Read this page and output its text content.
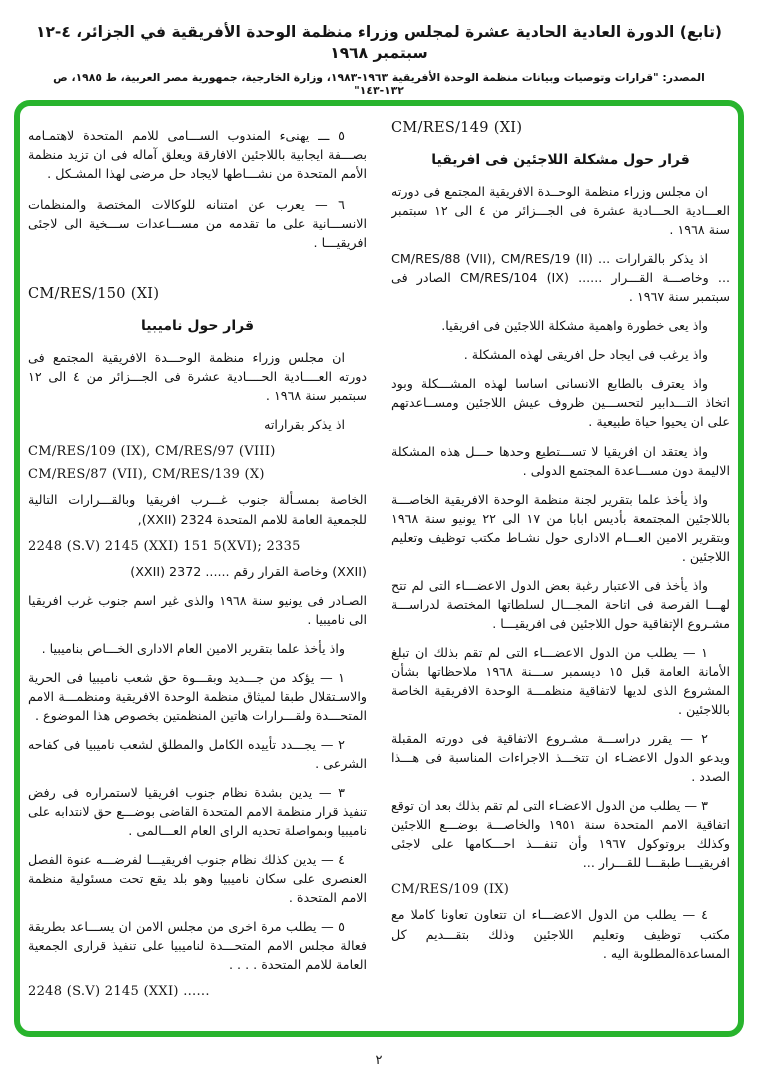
(تابع) الدورة العادية الحادية عشرة لمجلس وزراء منظمة الوحدة الأفريقية في الجزائر، ٤-١٢ سبتمبر ١٩٦٨
المصدر: "قرارات وتوصيات وبيانات منظمة الوحدة الأفريقية ١٩٦٣-١٩٨٣، وزارة الخارجية، جمهورية مصر العربية، ط ١٩٨٥، ص ١٣٢-١٤٣"
٥ ـــ يهنىء المندوب الســـامى للامم المتحدة لاهتمـامه بصـــفة ايجابية باللاجئين الافارقة ويعلق آماله فى ان تزيد منظمة الأمم المتحدة من نشـــاطها لايجاد حل مرضى لهذا المشـكل .
٦ — يعرب عن امتنانه للوكالات المختصة والمنظمات الانســـانية على ما تقدمه من مســـاعدات ســـخية الى لاجئى افريقيـــا .
CM/RES/150 (XI)
قرار حول ناميبيا
ان مجلس وزراء منظمة الوحـــدة الافريقية المجتمع فى دورته العــــادية الحــــادية عشرة فى الجـــزائر من ٤ الى ١٢ سبتمبر سنة ١٩٦٨ .
اذ يذكر بقراراته
CM/RES/109 (IX), CM/RES/97 (VIII)
CM/RES/87 (VII), CM/RES/139 (X)
الخاصة بمسـألة جنوب غـــرب افريقيا وبالقـــرارات التالية للجمعية العامة للامم المتحدة 2324 (XXII),
2248 (S.V) 2145 (XXI) 151 5(XVI); 2335
(XXII) وخاصة القرار رقم ...... 2372 (XXII)
الصـادر فى يونيو سنة ١٩٦٨ والذى غير اسم جنوب غرب افريقيا الى ناميبيا .
واذ يأخذ علما بتقرير الامين العام الادارى الخـــاص بناميبيا .
١ — يؤكد من جـــديد وبقـــوة حق شعب ناميبيا فى الحرية والاسـتقلال طبقا لميثاق منظمة الوحدة الافريقية ومنظمـــة الامم المتحـــدة ولقـــرارات هاتين المنظمتين بخصوص هذا الموضوع .
٢ — يجـــدد تأييده الكامل والمطلق لشعب ناميبيا فى كفاحه الشرعى .
٣ — يدين بشدة نظام جنوب افريقيا لاستمراره فى رفض تنفيذ قرار منظمة الامم المتحدة القاضى بوضـــع حق لانتدابه على ناميبيا وبمواصلة تحديه الراى العام العـــالمى .
٤ — يدين كذلك نظام جنوب افريقيـــا لفرضـــه عنوة الفصل العنصرى على سكان ناميبيا وهو بلد يقع تحت مسئولية منظمة الامم المتحدة .
٥ — يطلب مرة اخرى من مجلس الامن ان يســـاعد بطريقة فعالة مجلس الامم المتحـــدة لناميبيا على تنفيذ قرارى الجمعية العامة للامم المتحدة . . . .
2248 (S.V) 2145 (XXI) ......
CM/RES/149 (XI)
قرار حول مشكلة اللاجئين فى افريقيا
ان مجلس وزراء منظمة الوحــدة الافريقية المجتمع فى دورته العـــادية الحـــادية عشرة فى الجـــزائر من ٤ الى ١٢ سبتمبر سنة ١٩٦٨ .
اذ يذكر بالقرارات ... CM/RES/88 (VII), CM/RES/19 (II) ... وخاصـــة القـــرار ...... CM/RES/104 (IX) الصادر فى سبتمبر سنة ١٩٦٧ .
واذ يعى خطورة واهمية مشكلة اللاجئين فى افريقيا.
واذ يرغب فى ايجاد حل افريقى لهذه المشكلة .
واذ يعترف بالطابع الانسانى اساسا لهذه المشـــكلة وبود اتخاذ التـــدابير لتحســـين ظروف عيش اللاجئين ومســاعدتهم على ان يحيوا حياة طبيعية .
واذ يعتقد ان افريقيا لا تســـتطيع وحدها حـــل هذه المشكلة الاليمة دون مســـاعدة المجتمع الدولى .
واذ يأخذ علما بتقرير لجنة منظمة الوحدة الافريقية الخاصـــة باللاجئين المجتمعة بأديس ابابا من ١٧ الى ٢٢ يونيو سنة ١٩٦٨ وبتقرير الامين العـــام الادارى حول نشـاط مكتب توظيف وتعليم اللاجئين .
واذ يأخذ فى الاعتبار رغبة بعض الدول الاعضـــاء التى لم تتح لهـــا الفرصة فى اتاحة المجـــال لسلطاتها المختصة لدراســـة مشـروع الإتفاقية حول اللاجئين فى افريقيـــا .
١ — يطلب من الدول الاعضـــاء التى لم تقم بذلك ان تبلغ الأمانة العامة قبل ١٥ ديسمبر ســـنة ١٩٦٨ ملاحظاتها بشأن المشروع الذى لديها لاتفاقية منظمـــة الوحدة الافريقية الخاصة باللاجئين .
٢ — يقرر دراســـة مشـروع الاتفاقية فى دورته المقبلة ويدعو الدول الاعضـاء ان تتخـــذ الاجراءات المناسبة فى هـــذا الصدد .
٣ — يطلب من الدول الاعضـاء التى لم تقم بذلك بعد ان توقع اتفاقية الامم المتحدة سنة ١٩٥١ والخاصـــة بوضـــع اللاجئين وكذلك بروتوكول ١٩٦٧ وأن تنفـــذ احـــكامها على لاجئى افريقيـــا طبقـــا للقـــرار ...
CM/RES/109 (IX)
٤ — يطلب من الدول الاعضـــاء ان تتعاون تعاونا كاملا مع مكتب توظيف وتعليم اللاجئين وذلك بتقـــديم كل المساعدةالمطلوبة اليه .
٢
